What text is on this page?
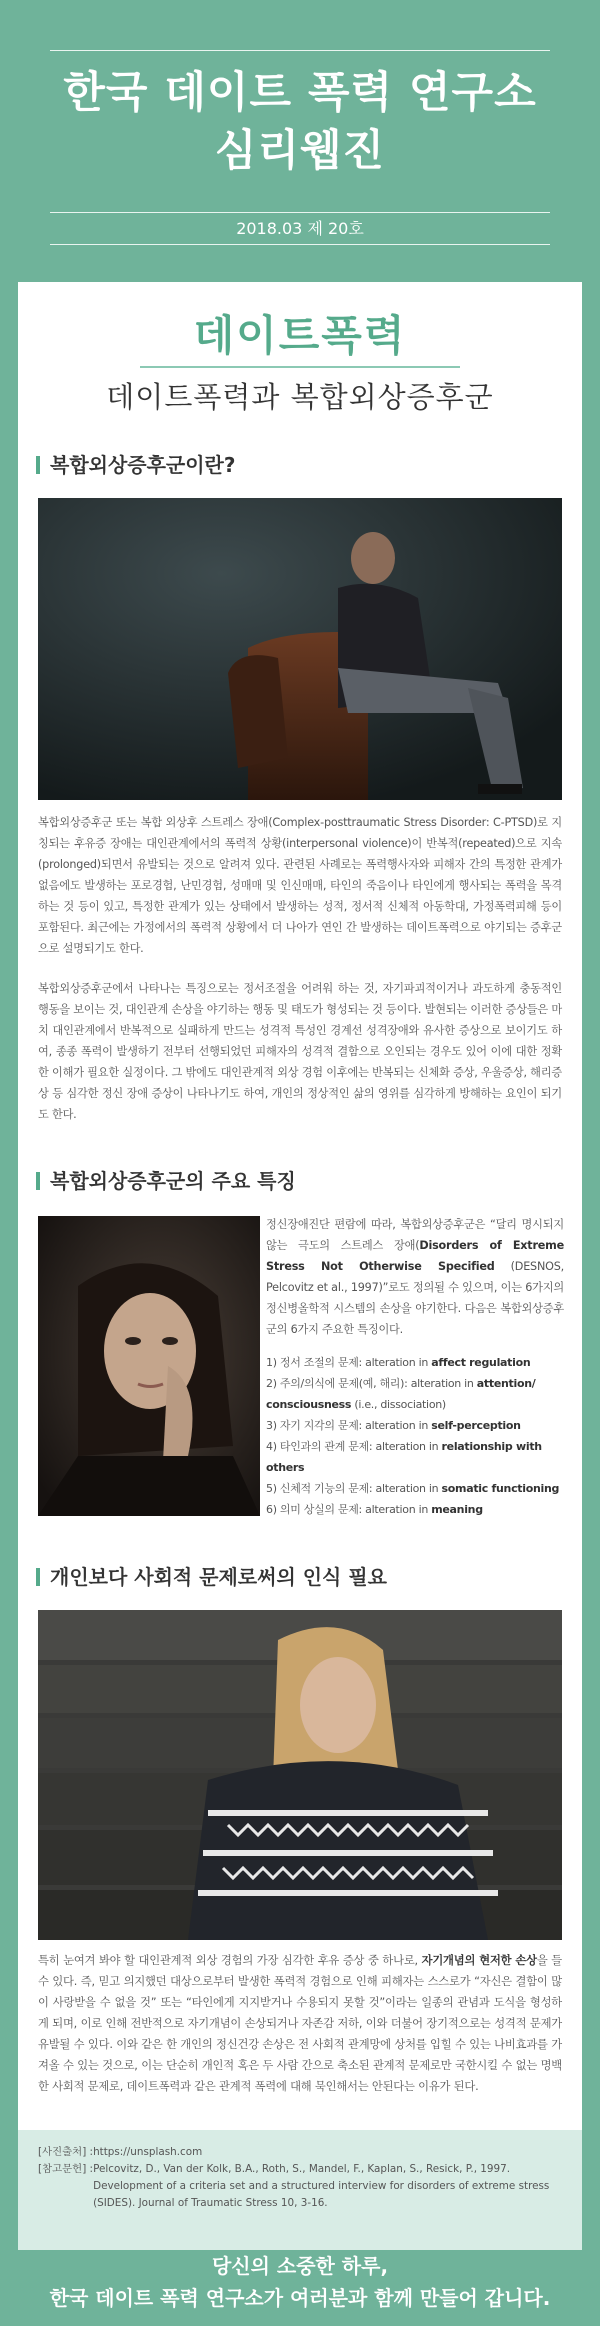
한국 데이트 폭력 연구소
심리웹진
2018.03 제 20호
데이트폭력
데이트폭력과 복합외상증후군
복합외상증후군이란?
복합외상증후군 또는 복합 외상후 스트레스 장애(Complex-posttraumatic Stress Disorder: C-PTSD)로 지칭되는 후유증 장애는 대인관계에서의 폭력적 상황(interpersonal violence)이 반복적(repeated)으로 지속(prolonged)되면서 유발되는 것으로 알려져 있다. 관련된 사례로는 폭력행사자와 피해자 간의 특정한 관계가 없음에도 발생하는 포로경험, 난민경험, 성매매 및 인신매매, 타인의 죽음이나 타인에게 행사되는 폭력을 목격하는 것 등이 있고, 특정한 관계가 있는 상태에서 발생하는 성적, 정서적 신체적 아동학대, 가정폭력피해 등이 포함된다. 최근에는 가정에서의 폭력적 상황에서 더 나아가 연인 간 발생하는 데이트폭력으로 야기되는 증후군으로 설명되기도 한다.
복합외상증후군에서 나타나는 특징으로는 정서조절을 어려워 하는 것, 자기파괴적이거나 과도하게 충동적인 행동을 보이는 것, 대인관계 손상을 야기하는 행동 및 태도가 형성되는 것 등이다. 발현되는 이러한 증상들은 마치 대인관계에서 반복적으로 실패하게 만드는 성격적 특성인 경계선 성격장애와 유사한 증상으로 보이기도 하여, 종종 폭력이 발생하기 전부터 선행되었던 피해자의 성격적 결함으로 오인되는 경우도 있어 이에 대한 정확한 이해가 필요한 실정이다. 그 밖에도 대인관계적 외상 경험 이후에는 반복되는 신체화 증상, 우울증상, 해리증상 등 심각한 정신 장애 증상이 나타나기도 하여, 개인의 정상적인 삶의 영위를 심각하게 방해하는 요인이 되기도 한다.
복합외상증후군의 주요 특징
정신장애진단 편람에 따라, 복합외상증후군은 “달리 명시되지 않는 극도의 스트레스 장애(Disorders of Extreme Stress Not Otherwise Specified (DESNOS, Pelcovitz et al., 1997)”로도 정의될 수 있으며, 이는 6가지의 정신병올학적 시스템의 손상을 야기한다. 다음은 복합외상증후군의 6가지 주요한 특징이다.
1) 정서 조절의 문제: alteration in affect regulation
2) 주의/의식에 문제(예, 해리): alteration in attention/ consciousness (i.e., dissociation)
3) 자기 지각의 문제: alteration in self-perception
4) 타인과의 관계 문제: alteration in relationship with others
5) 신체적 기능의 문제: alteration in somatic functioning
6) 의미 상실의 문제: alteration in meaning
개인보다 사회적 문제로써의 인식 필요
특히 눈여겨 봐야 할 대인관계적 외상 경험의 가장 심각한 후유 증상 중 하나로, 자기개념의 현저한 손상을 들 수 있다. 즉, 믿고 의지했던 대상으로부터 발생한 폭력적 경험으로 인해 피해자는 스스로가 “자신은 결함이 많이 사랑받을 수 없을 것” 또는 “타인에게 지지받거나 수용되지 못할 것”이라는 일종의 관념과 도식을 형성하게 되며, 이로 인해 전반적으로 자기개념이 손상되거나 자존감 저하, 이와 더불어 장기적으로는 성격적 문제가 유발될 수 있다. 이와 같은 한 개인의 정신건강 손상은 전 사회적 관계망에 상처를 입힐 수 있는 나비효과를 가져올 수 있는 것으로, 이는 단순히 개인적 혹은 두 사람 간으로 축소된 관계적 문제로만 국한시킬 수 없는 명백한 사회적 문제로, 데이트폭력과 같은 관계적 폭력에 대해 묵인해서는 안된다는 이유가 된다.
[사진출처] : https://unsplash.com
[참고문헌] : Pelcovitz, D., Van der Kolk, B.A., Roth, S., Mandel, F., Kaplan, S., Resick, P., 1997. Development of a criteria set and a structured interview for disorders of extreme stress (SIDES). Journal of Traumatic Stress 10, 3-16.
당신의 소중한 하루,
한국 데이트 폭력 연구소가 여러분과 함께 만들어 갑니다.
